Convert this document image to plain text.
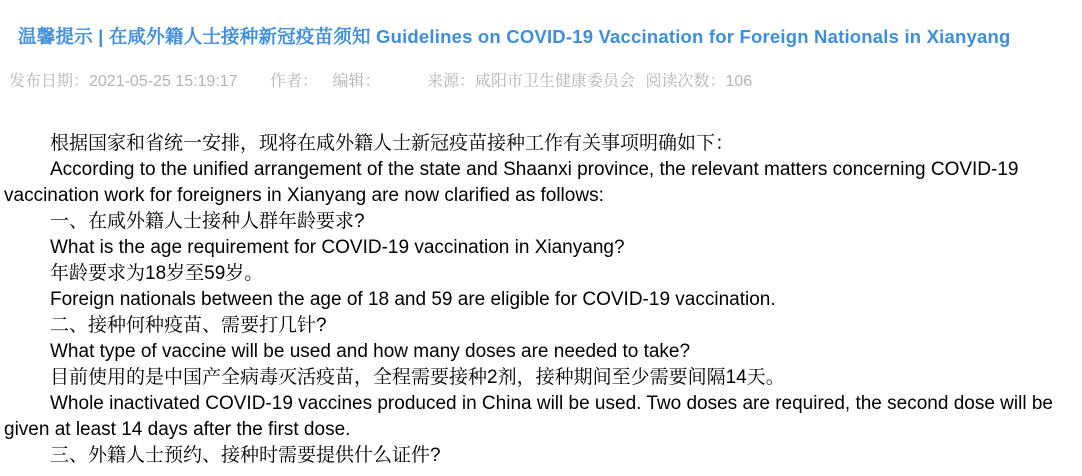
温馨提示 | 在咸外籍人士接种新冠疫苗须知 Guidelines on COVID-19 Vaccination for Foreign Nationals in Xianyang
发布日期：2021-05-25 15:19:17 作者： 编辑：	来源：咸阳市卫生健康委员会 阅读次数：106

根据国家和省统一安排，现将在咸外籍人士新冠疫苗接种工作有关事项明确如下：

According to the unified arrangement of the state and Shaanxi province, the relevant matters concerning COVID-19 vaccination work for foreigners in Xianyang are now clarified as follows:

一、在咸外籍人士接种人群年龄要求?

What is the age requirement for COVID-19 vaccination in Xianyang?

年龄要求为18岁至59岁。

Foreign nationals between the age of 18 and 59 are eligible for COVID-19 vaccination.

二、接种何种疫苗、需要打几针?

What type of vaccine will be used and how many doses are needed to take?

目前使用的是中国产全病毒灭活疫苗，全程需要接种2剂，接种期间至少需要间隔14天。

Whole inactivated COVID-19 vaccines produced in China will be used. Two doses are required, the second dose will be given at least 14 days after the first dose.

三、外籍人士预约、接种时需要提供什么证件?
